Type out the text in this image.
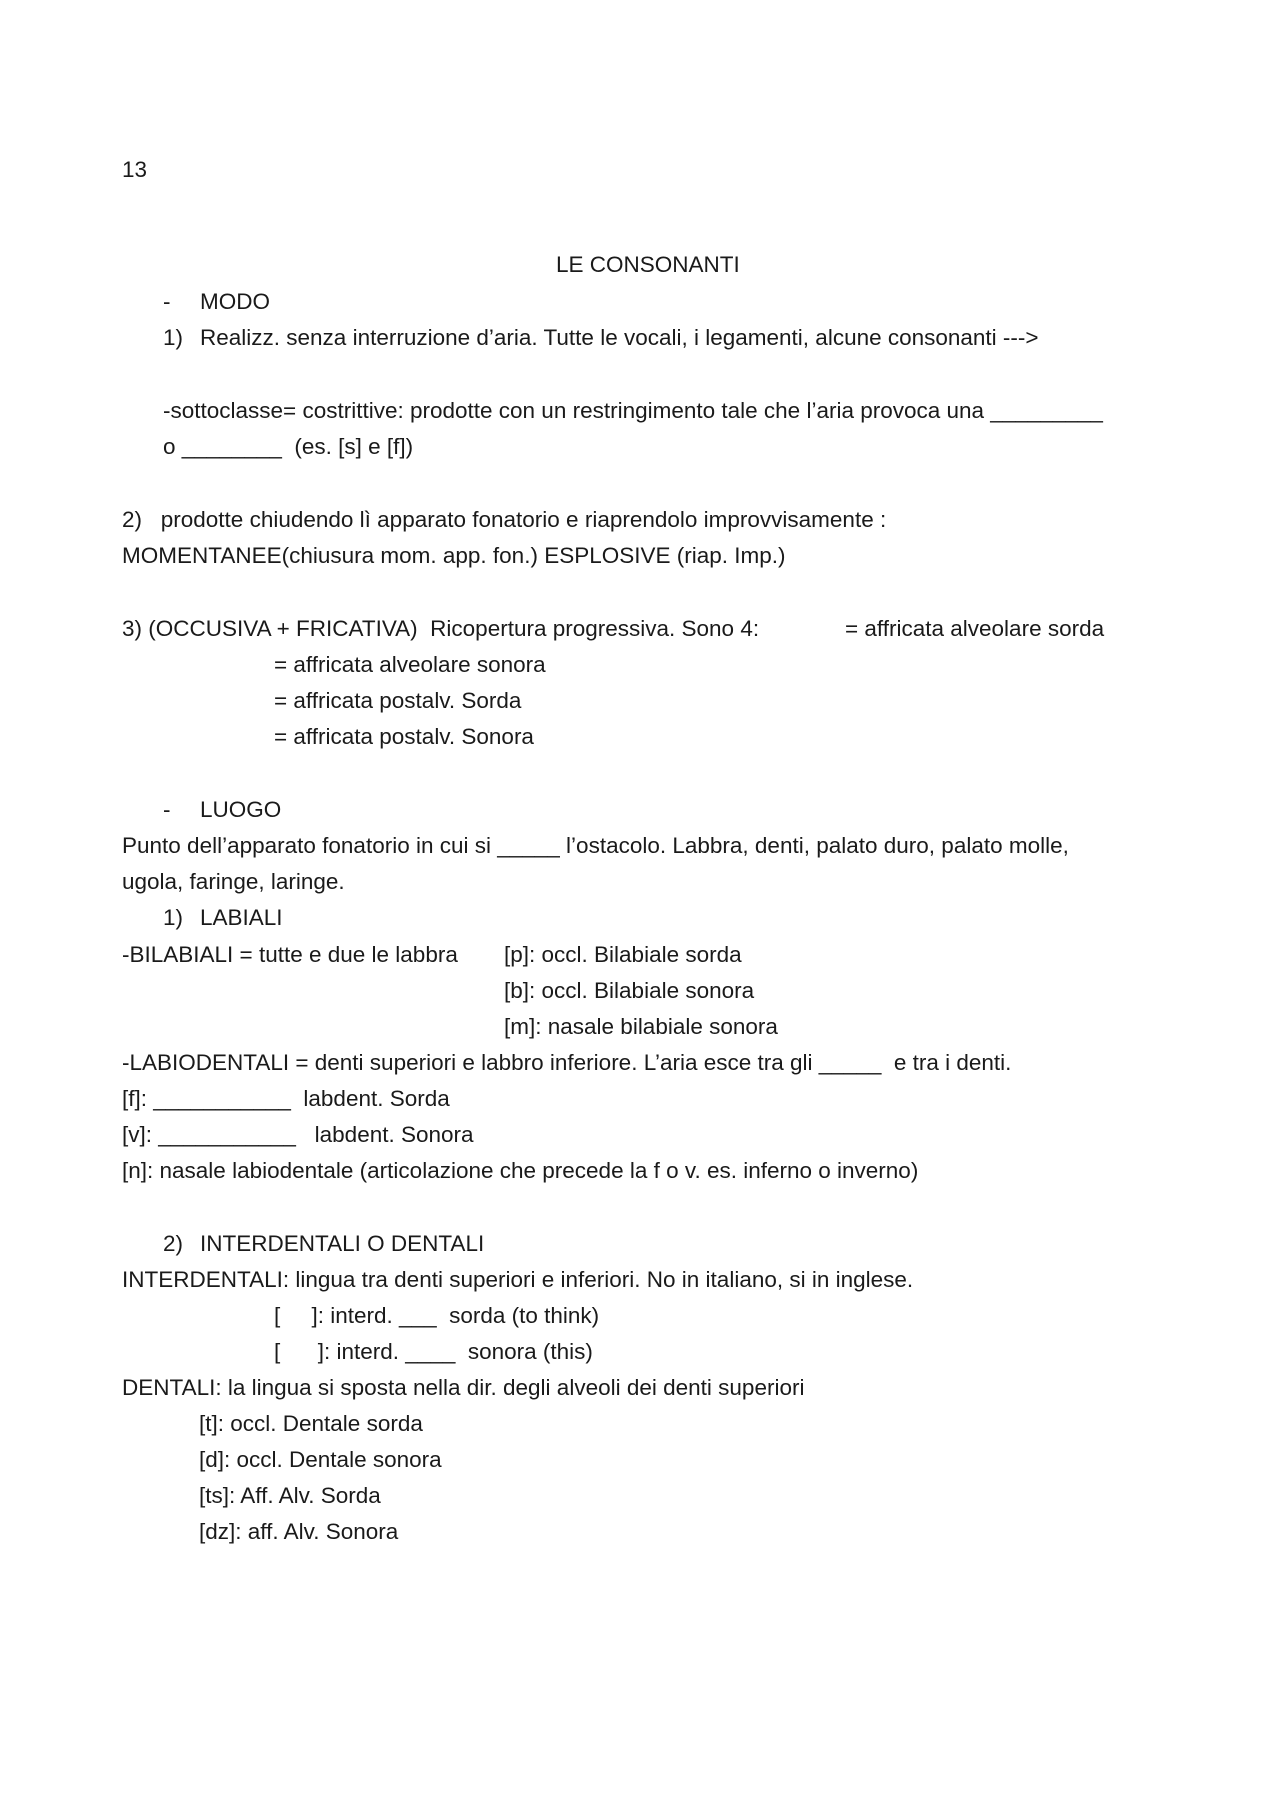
13
LE CONSONANTI
- MODO
1) Realizz. senza interruzione d’aria. Tutte le vocali, i legamenti, alcune consonanti --->
-sottoclasse= costrittive: prodotte con un restringimento tale che l’aria provoca una _________
o ________  (es. [s] e [f])
2)   prodotte chiudendo lì apparato fonatorio e riaprendolo improvvisamente :
MOMENTANEE(chiusura mom. app. fon.) ESPLOSIVE (riap. Imp.)
3) (OCCUSIVA + FRICATIVA)  Ricopertura progressiva. Sono 4:	= affricata alveolare sorda
= affricata alveolare sonora
= affricata postalv. Sorda
= affricata postalv. Sonora
- LUOGO
Punto dell’apparato fonatorio in cui si _____ l’ostacolo. Labbra, denti, palato duro, palato molle,
ugola, faringe, laringe.
1) LABIALI
-BILABIALI = tutte e due le labbra [p]: occl. Bilabiale sorda
[b]: occl. Bilabiale sonora
[m]: nasale bilabiale sonora
-LABIODENTALI = denti superiori e labbro inferiore. L’aria esce tra gli _____  e tra i denti.
[f]: ___________  labdent. Sorda
[v]: ___________   labdent. Sonora
[n]: nasale labiodentale (articolazione che precede la f o v. es. inferno o inverno)
2) INTERDENTALI O DENTALI
INTERDENTALI: lingua tra denti superiori e inferiori. No in italiano, si in inglese.
[     ]: interd. ___  sorda (to think)
[      ]: interd. ____  sonora (this)
DENTALI: la lingua si sposta nella dir. degli alveoli dei denti superiori
[t]: occl. Dentale sorda
[d]: occl. Dentale sonora
[ts]: Aff. Alv. Sorda
[dz]: aff. Alv. Sonora
